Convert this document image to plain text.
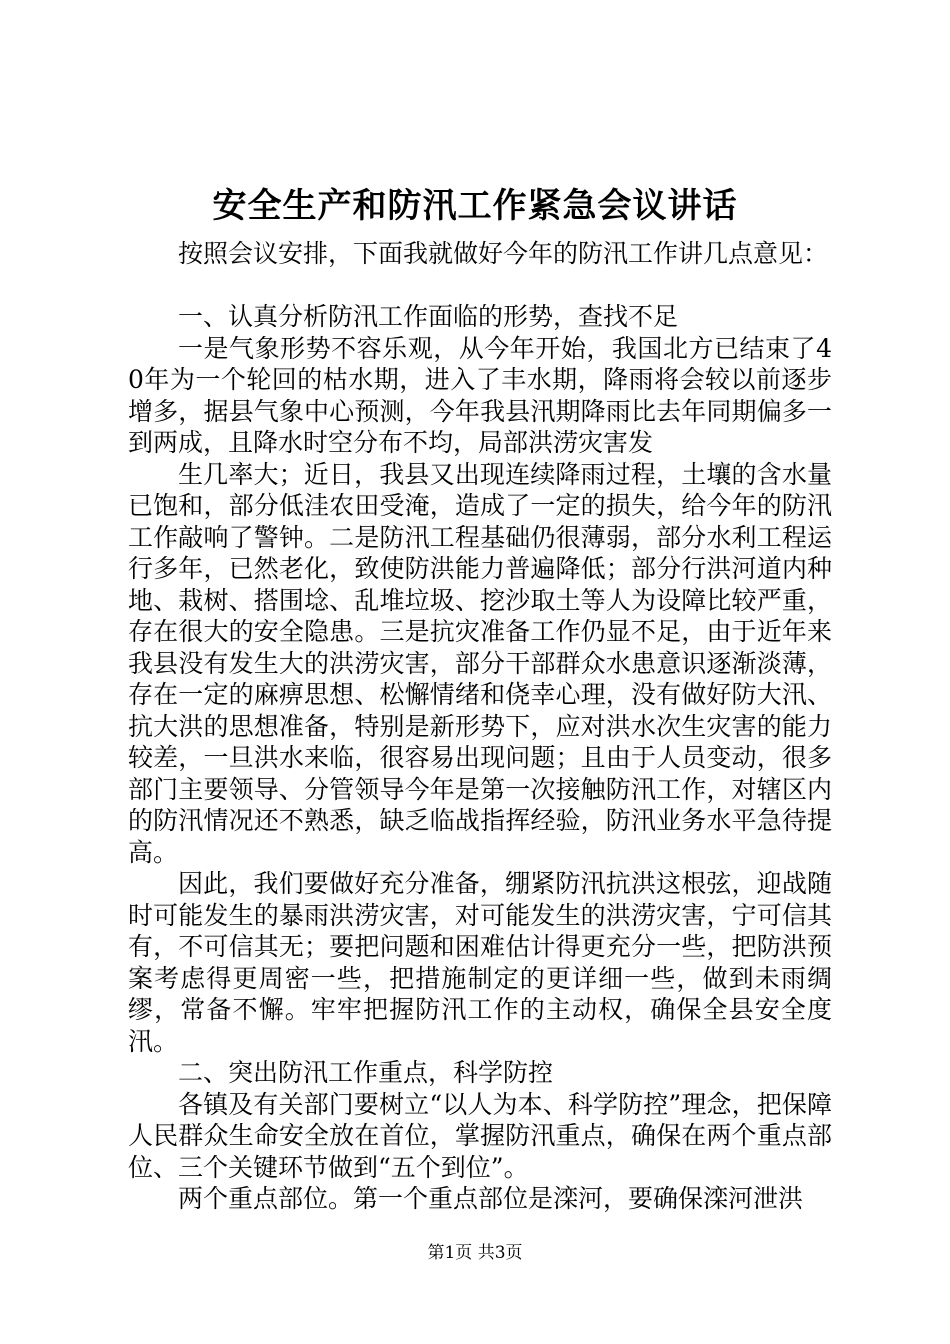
安全生产和防汛工作紧急会议讲话

按照会议安排，下面我就做好今年的防汛工作讲几点意见：

一、认真分析防汛工作面临的形势，查找不足

一是气象形势不容乐观，从今年开始，我国北方已结束了40年为一个轮回的枯水期，进入了丰水期，降雨将会较以前逐步增多，据县气象中心预测，今年我县汛期降雨比去年同期偏多一到两成，且降水时空分布不均，局部洪涝灾害发

生几率大；近日，我县又出现连续降雨过程，土壤的含水量已饱和，部分低洼农田受淹，造成了一定的损失，给今年的防汛工作敲响了警钟。二是防汛工程基础仍很薄弱，部分水利工程运行多年，已然老化，致使防洪能力普遍降低；部分行洪河道内种地、栽树、搭围埝、乱堆垃圾、挖沙取土等人为设障比较严重，存在很大的安全隐患。三是抗灾准备工作仍显不足，由于近年来我县没有发生大的洪涝灾害，部分干部群众水患意识逐渐淡薄，存在一定的麻痹思想、松懈情绪和侥幸心理，没有做好防大汛、抗大洪的思想准备，特别是新形势下，应对洪水次生灾害的能力较差，一旦洪水来临，很容易出现问题；且由于人员变动，很多部门主要领导、分管领导今年是第一次接触防汛工作，对辖区内的防汛情况还不熟悉，缺乏临战指挥经验，防汛业务水平急待提高。

因此，我们要做好充分准备，绷紧防汛抗洪这根弦，迎战随时可能发生的暴雨洪涝灾害，对可能发生的洪涝灾害，宁可信其有，不可信其无；要把问题和困难估计得更充分一些，把防洪预案考虑得更周密一些，把措施制定的更详细一些，做到未雨绸缪，常备不懈。牢牢把握防汛工作的主动权，确保全县安全度汛。

二、突出防汛工作重点，科学防控

各镇及有关部门要树立“以人为本、科学防控”理念，把保障人民群众生命安全放在首位，掌握防汛重点，确保在两个重点部位、三个关键环节做到“五个到位”。

两个重点部位。第一个重点部位是滦河，要确保滦河泄洪

第1页 共3页
